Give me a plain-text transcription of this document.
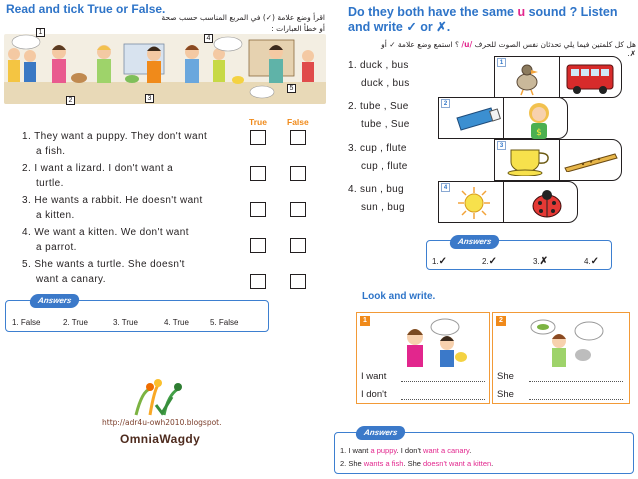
Read and tick True or False.
اقرأ وضع علامة (✓) في المربع المناسب حسب صحة أو خطأ العبارات :
1
4
3
5
2
True False
1. They want a puppy. They don't want
a fish.
2. I want a lizard. I don't want a
turtle.
3. He wants a rabbit. He doesn't want
a kitten.
4. We want a kitten. We don't want
a parrot.
5. She wants a turtle. She doesn't
want a canary.
Answers
1. False	2. True	3. True	4. True	5. False
http://adr4u-owh2010.blogspot.
OmniaWagdy
Do they both have the same u sound ? Listen and write ✓ or ✗.
هل كل كلمتين فيما يلي تحدثان نفس الصوت للحرف /u/ ؟ استمع وضع علامة ✓ أو ✗.
1. duck , bus
duck , bus
2. tube , Sue
tube , Sue
3. cup , flute
cup , flute
4. sun , bug
sun , bug
1
$
2
3
4
Answers
1.✓	2.✓	3.✗	4.✓
Look and write.
1
I want
I don't
2
She
She
Answers
1. I want a puppy. I don't want a canary.
2. She wants a fish. She doesn't want a kitten.
